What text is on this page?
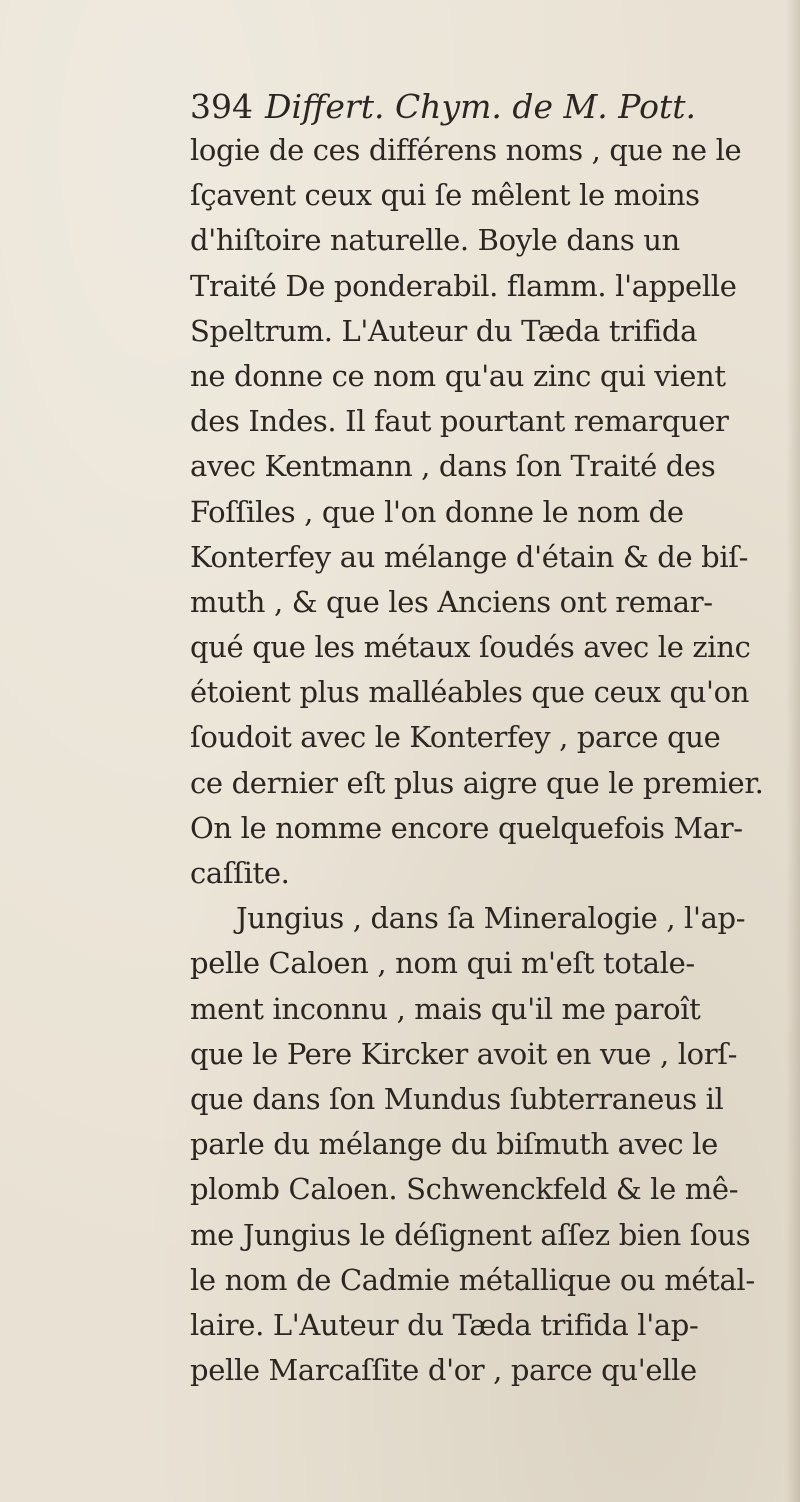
394 Differt. Chym. de M. Pott.
logie de ces différens noms , que ne le
ſçavent ceux qui ſe mêlent le moins
d'hiſtoire naturelle. Boyle dans un
Traité De ponderabil. flamm. l'appelle
Speltrum. L'Auteur du Tæda trifida
ne donne ce nom qu'au zinc qui vient
des Indes. Il faut pourtant remarquer
avec Kentmann , dans ſon Traité des
Foſſiles , que l'on donne le nom de
Konterfey au mélange d'étain & de biſ-
muth , & que les Anciens ont remar-
qué que les métaux ſoudés avec le zinc
étoient plus malléables que ceux qu'on
ſoudoit avec le Konterfey , parce que
ce dernier eſt plus aigre que le premier.
On le nomme encore quelquefois Mar-
caſſite.
Jungius , dans ſa Mineralogie , l'ap-
pelle Caloen , nom qui m'eſt totale-
ment inconnu , mais qu'il me paroît
que le Pere Kircker avoit en vue , lorſ-
que dans ſon Mundus ſubterraneus il
parle du mélange du biſmuth avec le
plomb Caloen. Schwenckfeld & le mê-
me Jungius le déſignent aſſez bien ſous
le nom de Cadmie métallique ou métal-
laire. L'Auteur du Tæda trifida l'ap-
pelle Marcaſſite d'or , parce qu'elle
